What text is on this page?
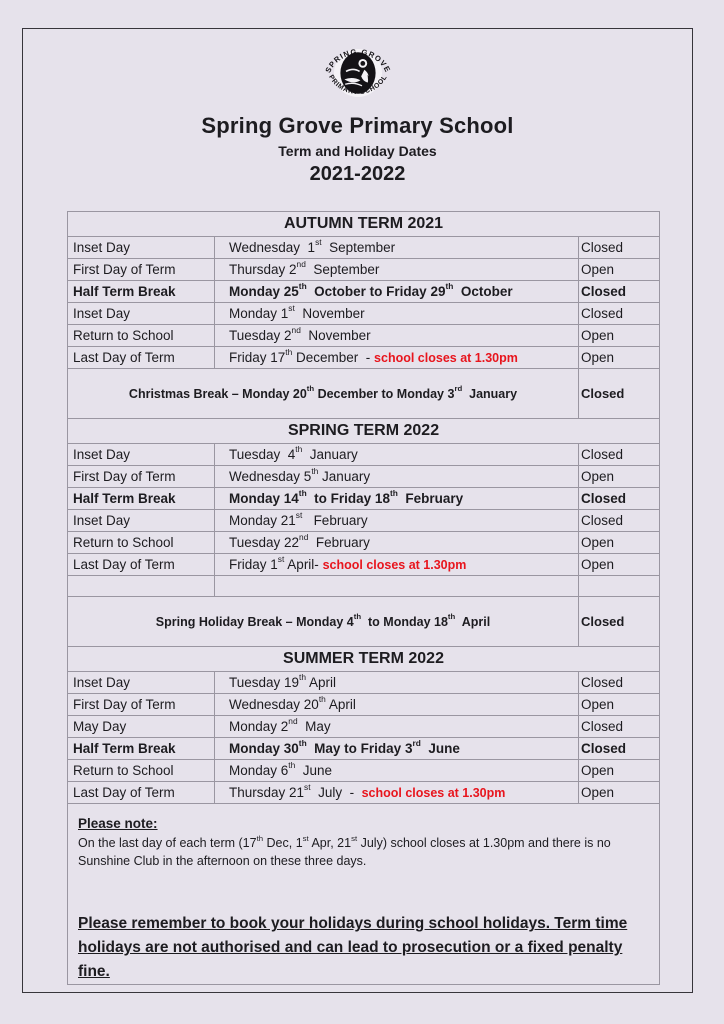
SPRING GROVE
PRIMARY SCHOOL
Spring Grove Primary School
Term and Holiday Dates
2021-2022
AUTUMN TERM 2021		
Inset Day	Wednesday  1st  September	Closed
First Day of Term	Thursday 2nd  September	Open
Half Term Break	Monday 25th  October to Friday 29th  October	Closed
Inset Day	Monday 1st  November	Closed
Return to School	Tuesday 2nd  November	Open
Last Day of Term	Friday 17th December  - school closes at 1.30pm	Open
Christmas Break – Monday 20th December to Monday 3rd  January		Closed
SPRING TERM 2022		
Inset Day	Tuesday  4th  January	Closed
First Day of Term	Wednesday 5th January	Open
Half Term Break	Monday 14th  to Friday 18th  February	Closed
Inset Day	Monday 21st   February	Closed
Return to School	Tuesday 22nd  February	Open
Last Day of Term	Friday 1st April- school closes at 1.30pm	Open

Spring Holiday Break – Monday 4th  to Monday 18th  April		Closed
SUMMER TERM 2022		
Inset Day	Tuesday 19th April	Closed
First Day of Term	Wednesday 20th April	Open
May Day	Monday 2nd  May	Closed
Half Term Break	Monday 30th  May to Friday 3rd  June	Closed
Return to School	Monday 6th  June	Open
Last Day of Term	Thursday 21st  July  -  school closes at 1.30pm	Open

Please note:
On the last day of each term (17th Dec, 1st Apr, 21st July) school closes at 1.30pm and there is no Sunshine Club in the afternoon on these three days.
Please remember to book your holidays during school holidays. Term time holidays are not authorised and can lead to prosecution or a fixed penalty fine.		
